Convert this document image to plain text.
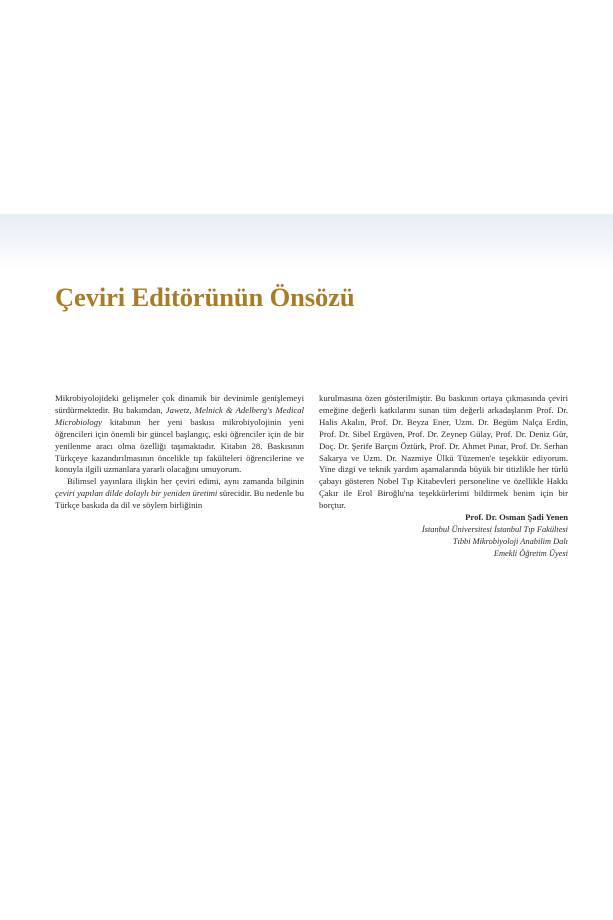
Çeviri Editörünün Önsözü

Mikrobiyolojideki gelişmeler çok dinamik bir devinimle genişlemeyi sürdürmektedir. Bu bakımdan, Jawetz, Melnick & Adelberg's Medical Microbiology kitabının her yeni baskısı mikrobiyolojinin yeni öğrencileri için önemli bir güncel başlangıç, eski öğrenciler için de bir yenilenme aracı olma özelliği taşımaktadır. Kitabın 28. Baskısının Türkçeye kazandırılmasının öncelikle tıp fakülteleri öğrencilerine ve konuyla ilgili uzmanlara yararlı olacağını umuyorum.

Bilimsel yayınlara ilişkin her çeviri edimi, aynı zamanda bilginin çeviri yapılan dilde dolaylı bir yeniden üretimi sürecidir. Bu nedenle bu Türkçe baskıda da dil ve söylem birliğinin

kurulmasına özen gösterilmiştir. Bu baskının ortaya çıkmasında çeviri emeğine değerli katkılarını sunan tüm değerli arkadaşlarım Prof. Dr. Halis Akalın, Prof. Dr. Beyza Ener, Uzm. Dr. Begüm Nalça Erdin, Prof. Dr. Sibel Ergüven, Prof. Dr. Zeynep Gülay, Prof. Dr. Deniz Gür, Doç. Dr. Şerife Barçın Öztürk, Prof. Dr. Ahmet Pınar, Prof. Dr. Serhan Sakarya ve Uzm. Dr. Nazmiye Ülkü Tüzemen'e teşekkür ediyorum. Yine dizgi ve teknik yardım aşamalarında büyük bir titizlikle her türlü çabayı gösteren Nobel Tıp Kitabevleri personeline ve özellikle Hakkı Çakır ile Erol Biroğlu'na teşekkürlerimi bildirmek benim için bir borçtur.

Prof. Dr. Osman Şadi Yenen
İstanbul Üniversitesi İstanbul Tıp Fakültesi
Tıbbi Mikrobiyoloji Anabilim Dalı
Emekli Öğretim Üyesi
